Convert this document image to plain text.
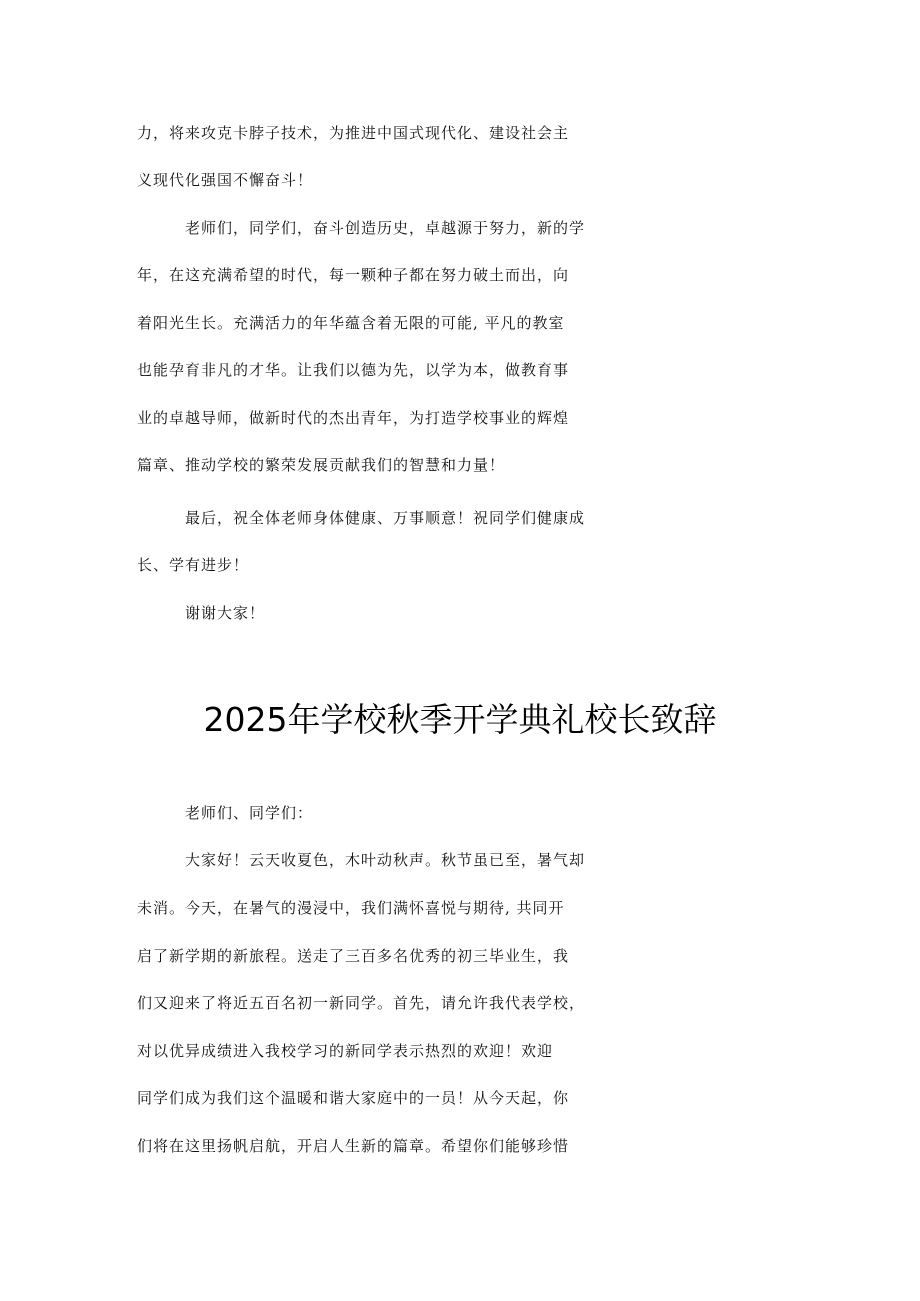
力，将来攻克卡脖子技术，为推进中国式现代化、建设社会主
义现代化强国不懈奋斗！
老师们，同学们，奋斗创造历史，卓越源于努力，新的学
年，在这充满希望的时代，每一颗种子都在努力破土而出，向
着阳光生长。充满活力的年华蕴含着无限的可能, 平凡的教室
也能孕育非凡的才华。让我们以德为先，以学为本，做教育事
业的卓越导师，做新时代的杰出青年，为打造学校事业的辉煌
篇章、推动学校的繁荣发展贡献我们的智慧和力量！
最后，祝全体老师身体健康、万事顺意！祝同学们健康成
长、学有进步！
谢谢大家！
2025年学校秋季开学典礼校长致辞
老师们、同学们：
大家好！云天收夏色，木叶动秋声。秋节虽已至，暑气却
未消。今天，在暑气的漫浸中，我们满怀喜悦与期待, 共同开
启了新学期的新旅程。送走了三百多名优秀的初三毕业生，我
们又迎来了将近五百名初一新同学。首先，请允许我代表学校，
对以优异成绩进入我校学习的新同学表示热烈的欢迎！欢迎
同学们成为我们这个温暖和谐大家庭中的一员！从今天起，你
们将在这里扬帆启航，开启人生新的篇章。希望你们能够珍惜
